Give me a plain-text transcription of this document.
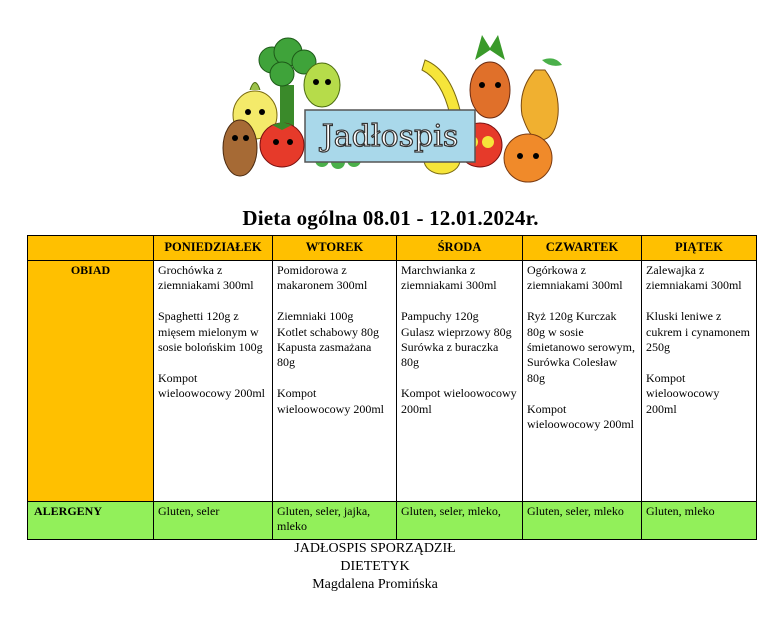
Jadłospis
Dieta ogólna 08.01 - 12.01.2024r.
	PONIEDZIAŁEK	WTOREK	ŚRODA	CZWARTEK	PIĄTEK
OBIAD	Grochówka z ziemniakami 300ml

Spaghetti 120g z mięsem mielonym w sosie bolońskim 100g

Kompot wieloowocowy 200ml	Pomidorowa z makaronem 300ml

Ziemniaki 100g
Kotlet schabowy 80g
Kapusta zasmażana 80g

Kompot wieloowocowy 200ml	Marchwianka z ziemniakami 300ml

Pampuchy 120g
Gulasz wieprzowy 80g Surówka z buraczka 80g

Kompot wieloowocowy 200ml	Ogórkowa z ziemniakami 300ml

Ryż 120g Kurczak 80g w sosie śmietanowo serowym,
Surówka Colesław 80g

Kompot wieloowocowy 200ml	Zalewajka z ziemniakami 300ml

Kluski leniwe z cukrem i cynamonem 250g

Kompot wieloowocowy 200ml
ALERGENY	Gluten, seler	Gluten, seler, jajka, mleko	Gluten, seler, mleko,	Gluten, seler, mleko	Gluten, mleko
JADŁOSPIS SPORZĄDZIŁ
DIETETYK
Magdalena Promińska
